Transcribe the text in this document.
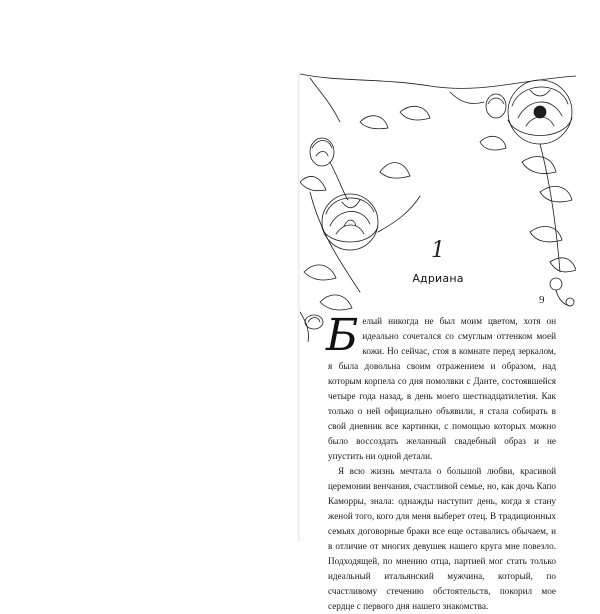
1
Адриана

Белый никогда не был моим цветом, хотя он идеально сочетался со смуглым оттенком моей кожи. Но сейчас, стоя в комнате перед зеркалом, я была довольна своим отражением и образом, над которым корпела со дня помолвки с Данте, состоявшейся четыре года назад, в день моего шестнадцатилетия. Как только о ней официально объявили, я стала собирать в свой дневник все картинки, с помощью которых можно было воссоздать желанный свадебный образ и не упустить ни одной детали.

Я всю жизнь мечтала о большой любви, красивой церемонии венчания, счастливой семье, но, как дочь Капо Каморры, знала: однажды наступит день, когда я стану женой того, кого для меня выберет отец. В традиционных семьях договорные браки все еще оставались обычаем, и в отличие от многих девушек нашего круга мне повезло. Подходящей, по мнению отца, партией мог стать только идеальный итальянский мужчина, который, по счастливому стечению обстоятельств, покорил мое сердце с первого дня нашего знакомства.

9
